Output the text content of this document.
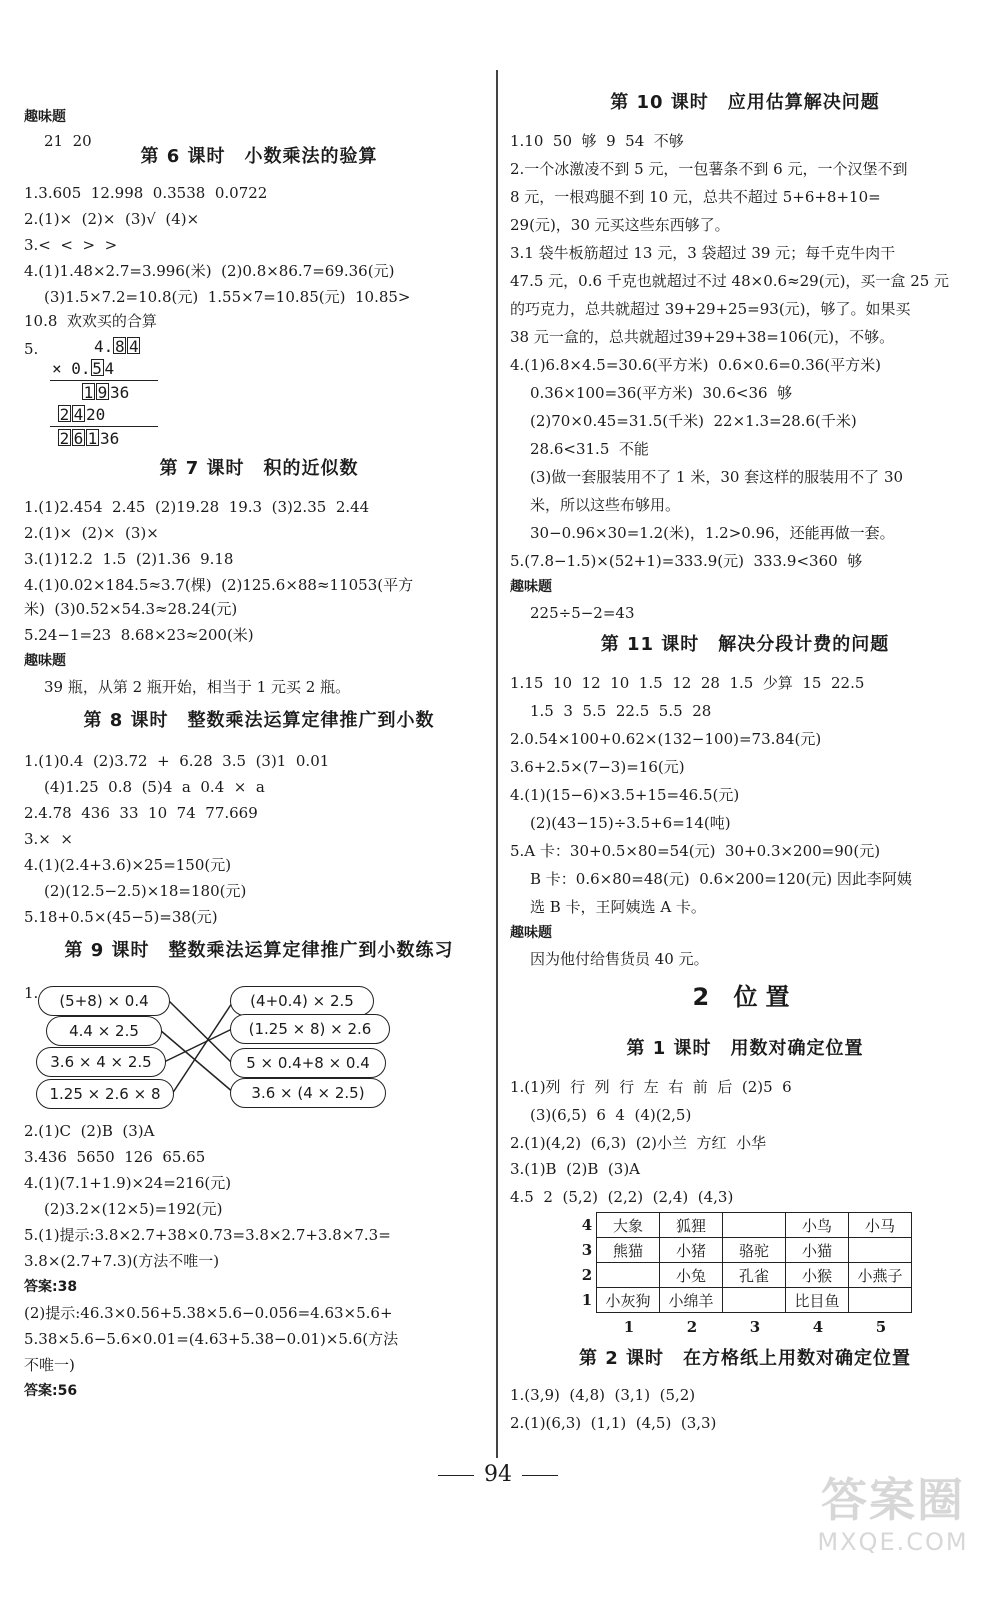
趣味题
21  20
第 6 课时　小数乘法的验算
1.3.605  12.998  0.3538  0.0722
2.(1)×  (2)×  (3)√  (4)×
3.<  <  >  >
4.(1)1.48×2.7=3.996(米)  (2)0.8×86.7=69.36(元)
(3)1.5×7.2=10.8(元)  1.55×7=10.85(元)  10.85>
10.8  欢欢买的合算
5.	4. 8 4
× 0. 5 4
1 9 36
2 4 20
2 6 1 36
第 7 课时　积的近似数
1.(1)2.454  2.45  (2)19.28  19.3  (3)2.35  2.44
2.(1)×  (2)×  (3)×
3.(1)12.2  1.5  (2)1.36  9.18
4.(1)0.02×184.5≈3.7(棵)  (2)125.6×88≈11053(平方
米)  (3)0.52×54.3≈28.24(元)
5.24−1=23  8.68×23≈200(米)
趣味题
39 瓶，从第 2 瓶开始，相当于 1 元买 2 瓶。
第 8 课时　整数乘法运算定律推广到小数
1.(1)0.4  (2)3.72  +  6.28  3.5  (3)1  0.01
(4)1.25  0.8  (5)4  a  0.4  ×  a
2.4.78  436  33  10  74  77.669
3.×  ×
4.(1)(2.4+3.6)×25=150(元)
(2)(12.5−2.5)×18=180(元)
5.18+0.5×(45−5)=38(元)
第 9 课时　整数乘法运算定律推广到小数练习
1.	(5+8) × 0.4
4.4 × 2.5
3.6 × 4 × 2.5
1.25 × 2.6 × 8
(4+0.4) × 2.5
(1.25 × 8) × 2.6
5 × 0.4+8 × 0.4
3.6 × (4 × 2.5)
2.(1)C  (2)B  (3)A
3.436  5650  126  65.65
4.(1)(7.1+1.9)×24=216(元)
(2)3.2×(12×5)=192(元)
5.(1)提示:3.8×2.7+38×0.73=3.8×2.7+3.8×7.3=
3.8×(2.7+7.3)(方法不唯一)
答案:38
(2)提示:46.3×0.56+5.38×5.6−0.056=4.63×5.6+
5.38×5.6−5.6×0.01=(4.63+5.38−0.01)×5.6(方法
不唯一)
答案:56
第 10 课时　应用估算解决问题
1.10  50  够  9  54  不够
2.一个冰激凌不到 5 元，一包薯条不到 6 元，一个汉堡不到
8 元，一根鸡腿不到 10 元，总共不超过 5+6+8+10=
29(元)，30 元买这些东西够了。
3.1 袋牛板筋超过 13 元，3 袋超过 39 元；每千克牛肉干
47.5 元，0.6 千克也就超过不过 48×0.6≈29(元)，买一盒 25 元
的巧克力，总共就超过 39+29+25=93(元)，够了。如果买
38 元一盒的，总共就超过39+29+38=106(元)，不够。
4.(1)6.8×4.5=30.6(平方米)  0.6×0.6=0.36(平方米)
0.36×100=36(平方米)  30.6<36  够
(2)70×0.45=31.5(千米)  22×1.3=28.6(千米)
28.6<31.5  不能
(3)做一套服装用不了 1 米，30 套这样的服装用不了 30
米，所以这些布够用。
30−0.96×30=1.2(米)，1.2>0.96，还能再做一套。
5.(7.8−1.5)×(52+1)=333.9(元)  333.9<360  够
趣味题
225÷5−2=43
第 11 课时　解决分段计费的问题
1.15  10  12  10  1.5  12  28  1.5  少算  15  22.5
1.5  3  5.5  22.5  5.5  28
2.0.54×100+0.62×(132−100)=73.84(元)
3.6+2.5×(7−3)=16(元)
4.(1)(15−6)×3.5+15=46.5(元)
(2)(43−15)÷3.5+6=14(吨)
5.A 卡：30+0.5×80=54(元)  30+0.3×200=90(元)
B 卡：0.6×80=48(元)  0.6×200=120(元) 因此李阿姨
选 B 卡，王阿姨选 A 卡。
趣味题
因为他付给售货员 40 元。
2 位置
第 1 课时　用数对确定位置
1.(1)列  行  列  行  左  右  前  后  (2)5  6
(3)(6,5)  6  4  (4)(2,5)
2.(1)(4,2)  (6,3)  (2)小兰  方红  小华
3.(1)B  (2)B  (3)A
4.5  2  (5,2)  (2,2)  (2,4)  (4,3)
4	大象	狐狸		小鸟	小马
3	熊猫	小猪	骆驼	小猫	
2		小兔	孔雀	小猴	小燕子
1	小灰狗	小绵羊		比目鱼	
1	2	3	4	5
第 2 课时　在方格纸上用数对确定位置
1.(3,9)  (4,8)  (3,1)  (5,2)
2.(1)(6,3)  (1,1)  (4,5)  (3,3)
94	答案圈
MXQE.COM
